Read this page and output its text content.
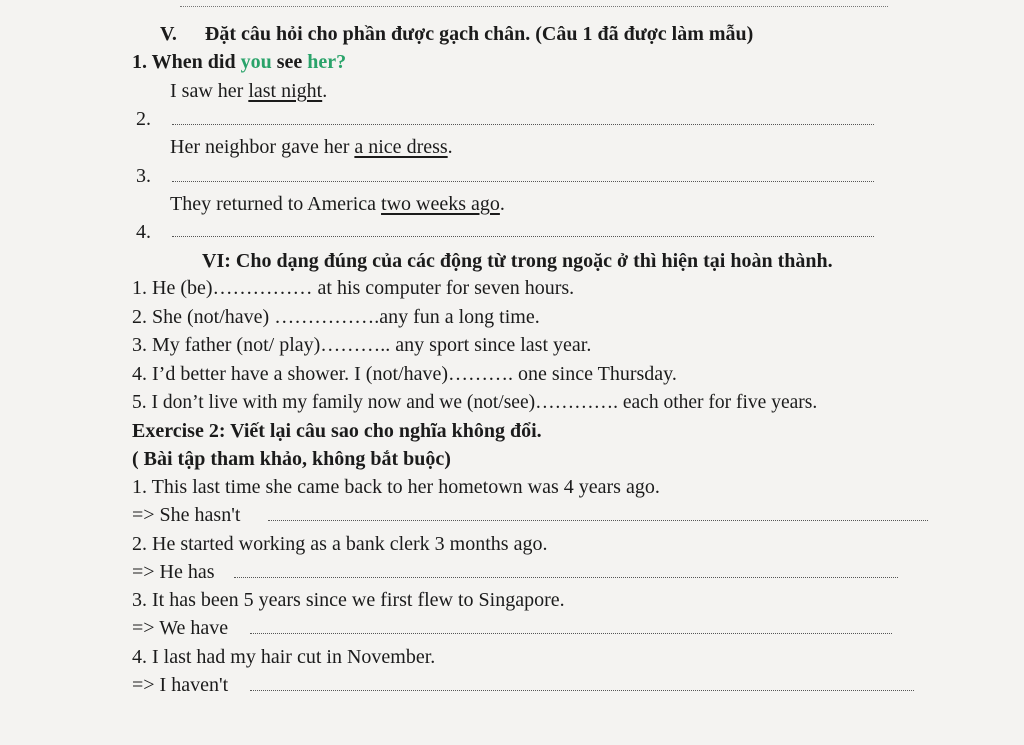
V. Đặt câu hỏi cho phần được gạch chân. (Câu 1 đã được làm mẫu)
1. When did you see her?
I saw her last night.
2.
Her neighbor gave her a nice dress.
3.
They returned to America two weeks ago.
4.
VI: Cho dạng đúng của các động từ trong ngoặc ở thì hiện tại hoàn thành.
1. He (be)…………… at his computer for seven hours.
2. She (not/have) …………….any fun a long time.
3. My father (not/ play)……….. any sport since last year.
4. I’d better have a shower. I (not/have)………. one since Thursday.
5. I don’t live with my family now and we (not/see)…………. each other for five years.
Exercise 2: Viết lại câu sao cho nghĩa không đổi.
( Bài tập tham khảo, không bắt buộc)
1. This last time she came back to her hometown was 4 years ago.
=> She hasn't
2. He started working as a bank clerk 3 months ago.
=> He has
3. It has been 5 years since we first flew to Singapore.
=> We have
4. I last had my hair cut in November.
=> I haven't
